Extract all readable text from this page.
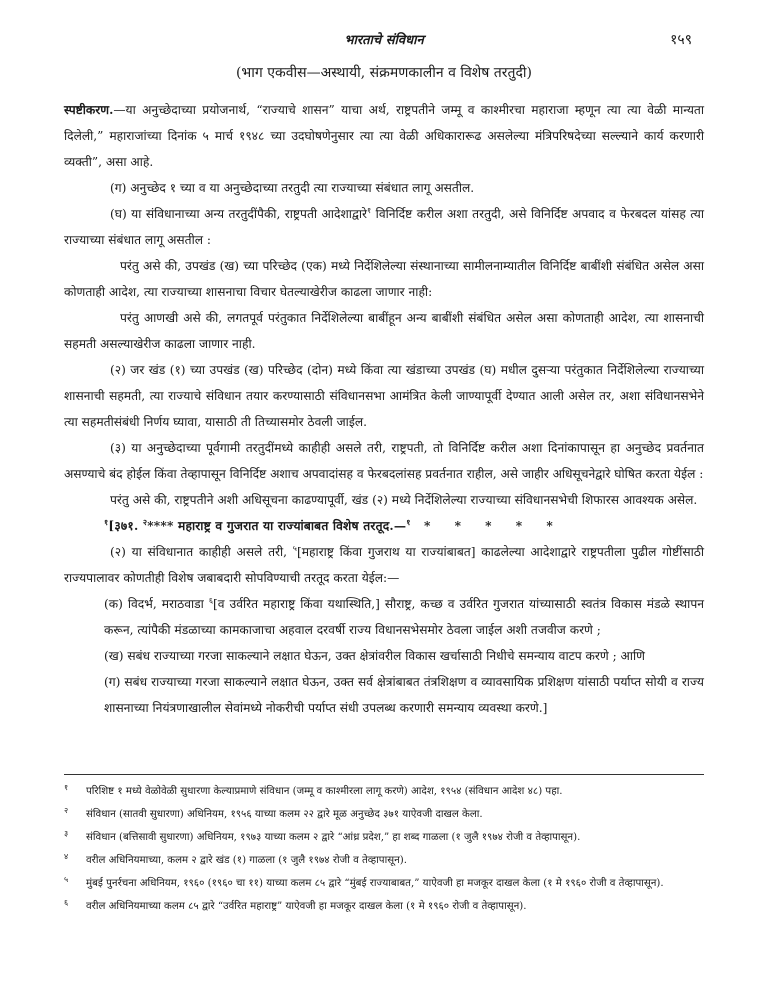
भारताचे संविधान	१५९
(भाग एकवीस—अस्थायी, संक्रमणकालीन व विशेष तरतुदी)

स्पष्टीकरण.—या अनुच्छेदाच्या प्रयोजनार्थ, “राज्याचे शासन” याचा अर्थ, राष्ट्रपतीने जम्मू व काश्मीरचा महाराजा म्हणून त्या त्या वेळी मान्यता दिलेली,” महाराजांच्या दिनांक ५ मार्च १९४८ च्या उदघोषणेनुसार त्या त्या वेळी अधिकारारूढ असलेल्या मंत्रिपरिषदेच्या सल्ल्याने कार्य करणारी व्यक्ती”, असा आहे.

(ग) अनुच्छेद १ च्या व या अनुच्छेदाच्या तरतुदी त्या राज्याच्या संबंधात लागू असतील.

(घ) या संविधानाच्या अन्य तरतुदींपैकी, राष्ट्रपती आदेशाद्वारे$^१$ विनिर्दिष्ट करील अशा तरतुदी, असे विनिर्दिष्ट अपवाद व फेरबदल यांसह त्या राज्याच्या संबंधात लागू असतील :

परंतु असे की, उपखंड (ख) च्या परिच्छेद (एक) मध्ये निर्देशिलेल्या संस्थानाच्या सामीलनाम्यातील विनिर्दिष्ट बाबींशी संबंधित असेल असा कोणताही आदेश, त्या राज्याच्या शासनाचा विचार घेतल्याखेरीज काढला जाणार नाही:

परंतु आणखी असे की, लगतपूर्व परंतुकात निर्देशिलेल्या बाबींहून अन्य बाबींशी संबंधित असेल असा कोणताही आदेश, त्या शासनाची सहमती असल्याखेरीज काढला जाणार नाही.

(२) जर खंड (१) च्या उपखंड (ख) परिच्छेद (दोन) मध्ये किंवा त्या खंडाच्या उपखंड (घ) मधील दुसऱ्या परंतुकात निर्देशिलेल्या राज्याच्या शासनाची सहमती, त्या राज्याचे संविधान तयार करण्यासाठी संविधानसभा आमंत्रित केली जाण्यापूर्वी देण्यात आली असेल तर, अशा संविधानसभेने त्या सहमतीसंबंधी निर्णय घ्यावा, यासाठी ती तिच्यासमोर ठेवली जाईल.

(३) या अनुच्छेदाच्या पूर्वगामी तरतुदींमध्ये काहीही असले तरी, राष्ट्रपती, तो विनिर्दिष्ट करील अशा दिनांकापासून हा अनुच्छेद प्रवर्तनात असण्याचे बंद होईल किंवा तेव्हापासून विनिर्दिष्ट अशाच अपवादांसह व फेरबदलांसह प्रवर्तनात राहील, असे जाहीर अधिसूचनेद्वारे घोषित करता येईल :

परंतु असे की, राष्ट्रपतीने अशी अधिसूचना काढण्यापूर्वी, खंड (२) मध्ये निर्देशिलेल्या राज्याच्या संविधानसभेची शिफारस आवश्यक असेल.

$^१$[३७१. $^२$**** महाराष्ट्र व गुजरात या राज्यांबाबत विशेष तरतूद.—$^१$ * * * * *

(२) या संविधानात काहीही असले तरी, $^५$[महाराष्ट्र किंवा गुजराथ या राज्यांबाबत] काढलेल्या आदेशाद्वारे राष्ट्रपतीला पुढील गोष्टींसाठी राज्यपालावर कोणतीही विशेष जबाबदारी सोपविण्याची तरतूद करता येईल:—

(क) विदर्भ, मराठवाडा $^६$[व उर्वरित महाराष्ट्र किंवा यथास्थिति,] सौराष्ट्र, कच्छ व उर्वरित गुजरात यांच्यासाठी स्वतंत्र विकास मंडळे स्थापन करून, त्यांपैकी मंडळाच्या कामकाजाचा अहवाल दरवर्षी राज्य विधानसभेसमोर ठेवला जाईल अशी तजवीज करणे ;

(ख) सबंध राज्याच्या गरजा साकल्याने लक्षात घेऊन, उक्त क्षेत्रांवरील विकास खर्चासाठी निधीचे समन्याय वाटप करणे ; आणि

(ग) सबंध राज्याच्या गरजा साकल्याने लक्षात घेऊन, उक्त सर्व क्षेत्रांबाबत तंत्रशिक्षण व व्यावसायिक प्रशिक्षण यांसाठी पर्याप्त सोयी व राज्य शासनाच्या नियंत्रणाखालील सेवांमध्ये नोकरीची पर्याप्त संधी उपलब्ध करणारी समन्याय व्यवस्था करणे.]

१	परिशिष्ट १ मध्ये वेळोवेळी सुधारणा केल्याप्रमाणे संविधान (जम्मू व काश्मीरला लागू करणे) आदेश, १९५४ (संविधान आदेश ४८) पहा.
२	संविधान (सातवी सुधारणा) अधिनियम, १९५६ याच्या कलम २२ द्वारे मूळ अनुच्छेद ३७१ याऐवजी दाखल केला.
३	संविधान (बत्तिसावी सुधारणा) अधिनियम, १९७३ याच्या कलम २ द्वारे “आंध्र प्रदेश,” हा शब्द गाळला (१ जुलै १९७४ रोजी व तेव्हापासून).
४	वरील अधिनियमाच्या, कलम २ द्वारे खंड (१) गाळला (१ जुलै १९७४ रोजी व तेव्हापासून).
५	मुंबई पुनर्रचना अधिनियम, १९६० (१९६० चा ११) याच्या कलम ८५ द्वारे “मुंबई राज्याबाबत,” याऐवजी हा मजकूर दाखल केला (१ मे १९६० रोजी व तेव्हापासून).
६	वरील अधिनियमाच्या कलम ८५ द्वारे “उर्वरित महाराष्ट्र” याऐवजी हा मजकूर दाखल केला (१ मे १९६० रोजी व तेव्हापासून).
